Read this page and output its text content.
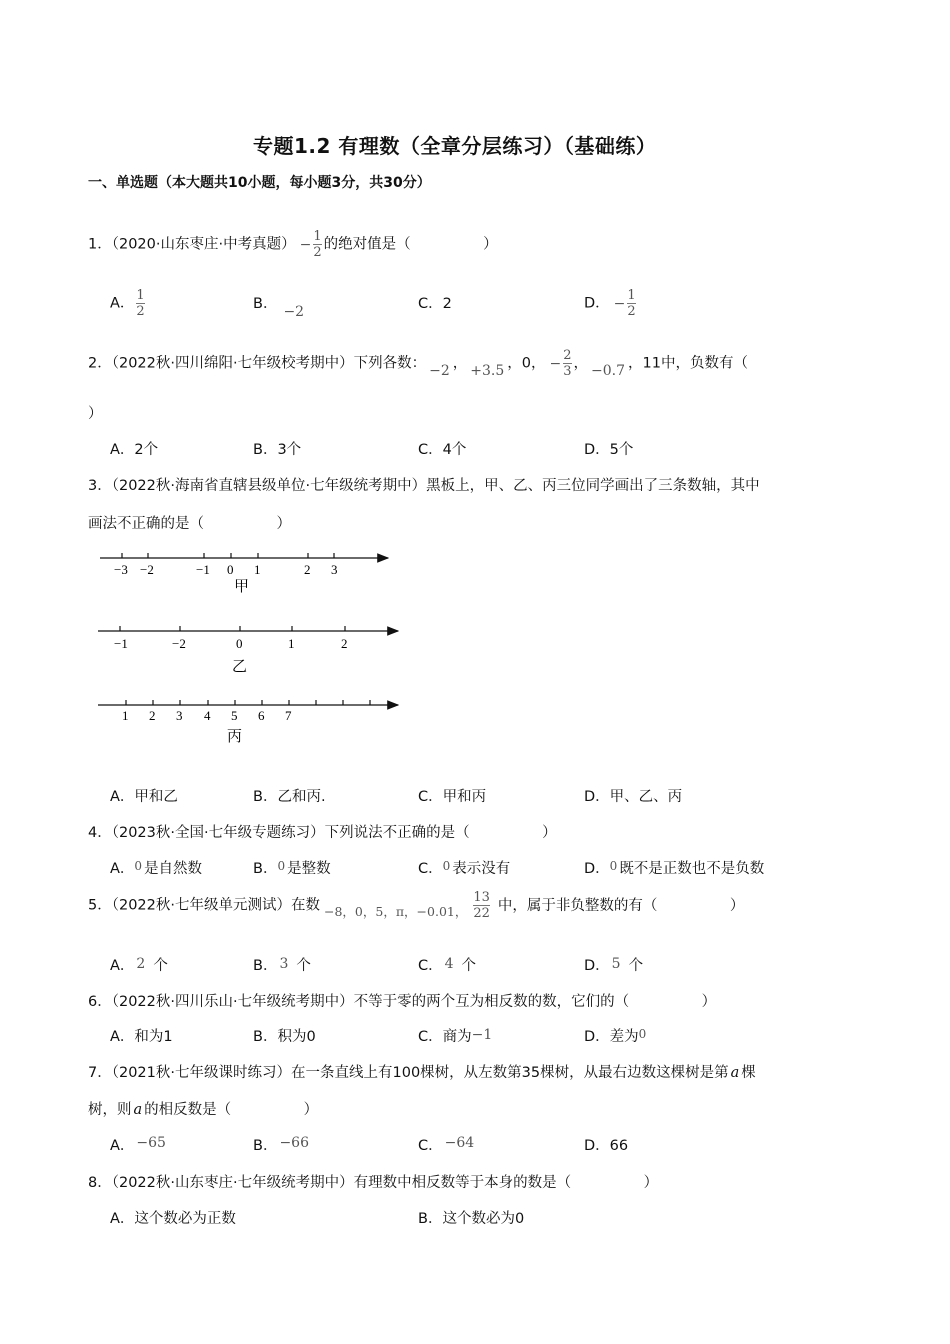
专题1.2 有理数（全章分层练习）（基础练）
一、单选题（本大题共10小题，每小题3分，共30分）
1．（2020·山东枣庄·中考真题） − $\frac{1}{2}$ 的绝对值是（　　　　　）
A． $\frac{1}{2}$	B． −2	C．2	D． − $\frac{1}{2}$
2．（2022秋·四川绵阳·七年级校考期中）下列各数： −2 ， +3.5 ，0， − $\frac{2}{3}$ ， −0.7 ，11中，负数有（
）
A．2个	B．3个	C．4个	D．5个
3．（2022秋·海南省直辖县级单位·七年级统考期中）黑板上，甲、乙、丙三位同学画出了三条数轴，其中
画法不正确的是（　　　　　）
−3 −2	−1 0 1	2 3
甲
−1	−2	0	1	2
乙
1 2 3 4 5 6 7
丙
A．甲和乙	B．乙和丙.	C．甲和丙	D．甲、乙、丙
4．（2023秋·全国·七年级专题练习）下列说法不正确的是（　　　　　）
A．$^0$ 是自然数	B．$^0$ 是整数	C．$^0$ 表示没有	D．$^0$ 既不是正数也不是负数
5．（2022秋·七年级单元测试）在数 −8，0，5，π，−0.01， $\frac{13}{22}$ 中，属于非负整数的有（　　　　　）
A． 2 个	B． 3 个	C． 4 个	D． 5 个
6．（2022秋·四川乐山·七年级统考期中）不等于零的两个互为相反数的数，它们的（　　　　　）
A．和为1	B．积为0	C．商为−1	D．差为$^0$
7．（2021秋·七年级课时练习）在一条直线上有100棵树，从左数第35棵树，从最右边数这棵树是第 a 棵
树，则 a 的相反数是（　　　　　）
A． −65	B． −66	C． −64	D．66
8．（2022秋·山东枣庄·七年级统考期中）有理数中相反数等于本身的数是（　　　　　）
A．这个数必为正数	B．这个数必为0
